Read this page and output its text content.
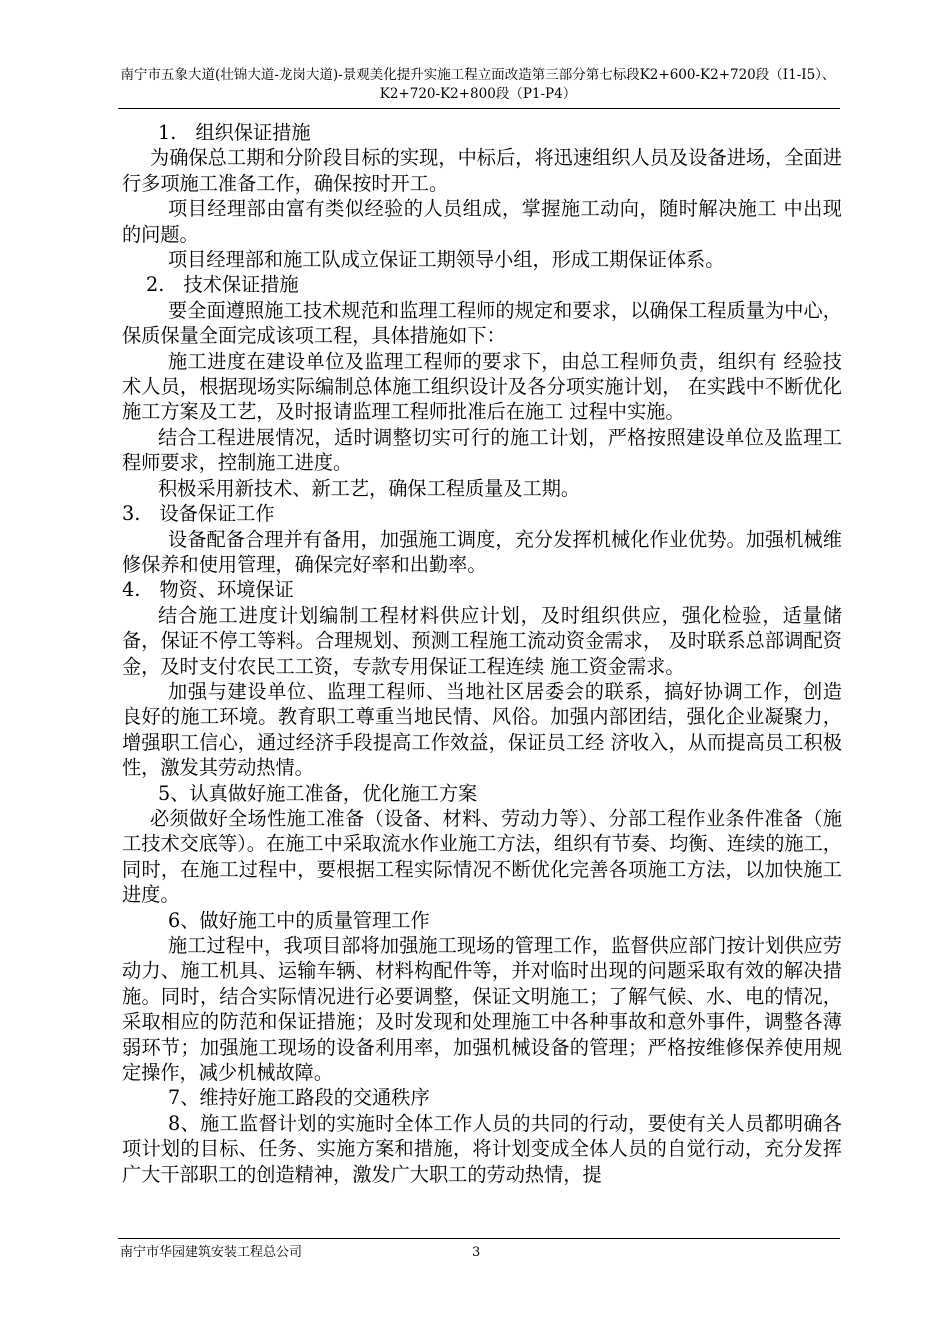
南宁市五象大道(壮锦大道-龙岗大道)-景观美化提升实施工程立面改造第三部分第七标段K2+600-K2+720段（I1-I5）、K2+720-K2+800段（P1-P4）

1.　组织保证措施

为确保总工期和分阶段目标的实现，中标后，将迅速组织人员及设备进场，全面进行多项施工准备工作，确保按时开工。

项目经理部由富有类似经验的人员组成，掌握施工动向，随时解决施工 中出现的问题。

项目经理部和施工队成立保证工期领导小组，形成工期保证体系。

2.　技术保证措施

要全面遵照施工技术规范和监理工程师的规定和要求，以确保工程质量为中心，保质保量全面完成该项工程，具体措施如下：

施工进度在建设单位及监理工程师的要求下，由总工程师负责，组织有 经验技术人员，根据现场实际编制总体施工组织设计及各分项实施计划， 在实践中不断优化施工方案及工艺，及时报请监理工程师批准后在施工 过程中实施。

结合工程进展情况，适时调整切实可行的施工计划，严格按照建设单位及监理工程师要求，控制施工进度。

积极采用新技术、新工艺，确保工程质量及工期。

3.　设备保证工作

设备配备合理并有备用，加强施工调度，充分发挥机械化作业优势。加强机械维修保养和使用管理，确保完好率和出勤率。

4.　物资、环境保证

结合施工进度计划编制工程材料供应计划，及时组织供应，强化检验，适量储备，保证不停工等料。合理规划、预测工程施工流动资金需求， 及时联系总部调配资金，及时支付农民工工资，专款专用保证工程连续 施工资金需求。

加强与建设单位、监理工程师、当地社区居委会的联系，搞好协调工作，创造 良好的施工环境。教育职工尊重当地民情、风俗。加强内部团结，强化企业凝聚力，增强职工信心，通过经济手段提高工作效益，保证员工经 济收入，从而提高员工积极性，激发其劳动热情。

5、认真做好施工准备，优化施工方案

必须做好全场性施工准备（设备、材料、劳动力等）、分部工程作业条件准备（施工技术交底等）。在施工中采取流水作业施工方法，组织有节奏、均衡、连续的施工，同时，在施工过程中，要根据工程实际情况不断优化完善各项施工方法，以加快施工进度。

6、做好施工中的质量管理工作

施工过程中，我项目部将加强施工现场的管理工作，监督供应部门按计划供应劳动力、施工机具、运输车辆、材料构配件等，并对临时出现的问题采取有效的解决措施。同时，结合实际情况进行必要调整，保证文明施工；了解气候、水、电的情况，采取相应的防范和保证措施；及时发现和处理施工中各种事故和意外事件，调整各薄弱环节；加强施工现场的设备利用率，加强机械设备的管理；严格按维修保养使用规定操作，减少机械故障。

7、维持好施工路段的交通秩序

8、施工监督计划的实施时全体工作人员的共同的行动，要使有关人员都明确各项计划的目标、任务、实施方案和措施，将计划变成全体人员的自觉行动，充分发挥广大干部职工的创造精神，激发广大职工的劳动热情，提

南宁市华园建筑安装工程总公司	3
